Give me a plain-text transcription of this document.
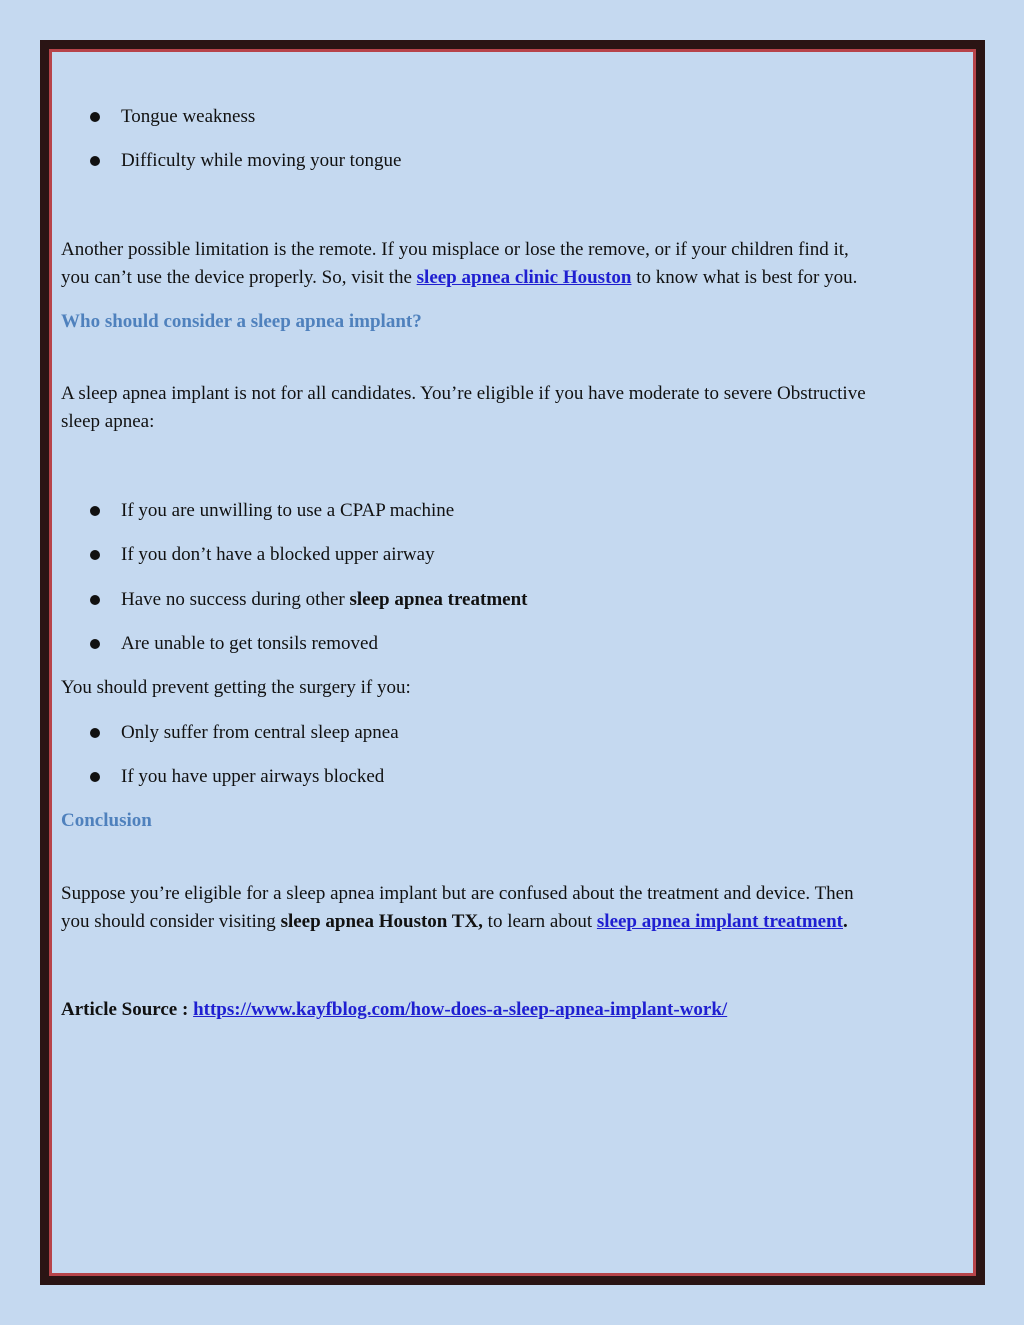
Tongue weakness
Difficulty while moving your tongue
Another possible limitation is the remote. If you misplace or lose the remove, or if your children find it,
you can’t use the device properly. So, visit the sleep apnea clinic Houston to know what is best for you.
Who should consider a sleep apnea implant?
A sleep apnea implant is not for all candidates. You’re eligible if you have moderate to severe Obstructive
sleep apnea:
If you are unwilling to use a CPAP machine
If you don’t have a blocked upper airway
Have no success during other sleep apnea treatment
Are unable to get tonsils removed
You should prevent getting the surgery if you:
Only suffer from central sleep apnea
If you have upper airways blocked
Conclusion
Suppose you’re eligible for a sleep apnea implant but are confused about the treatment and device. Then
you should consider visiting sleep apnea Houston TX, to learn about sleep apnea implant treatment.
Article Source : https://www.kayfblog.com/how-does-a-sleep-apnea-implant-work/
